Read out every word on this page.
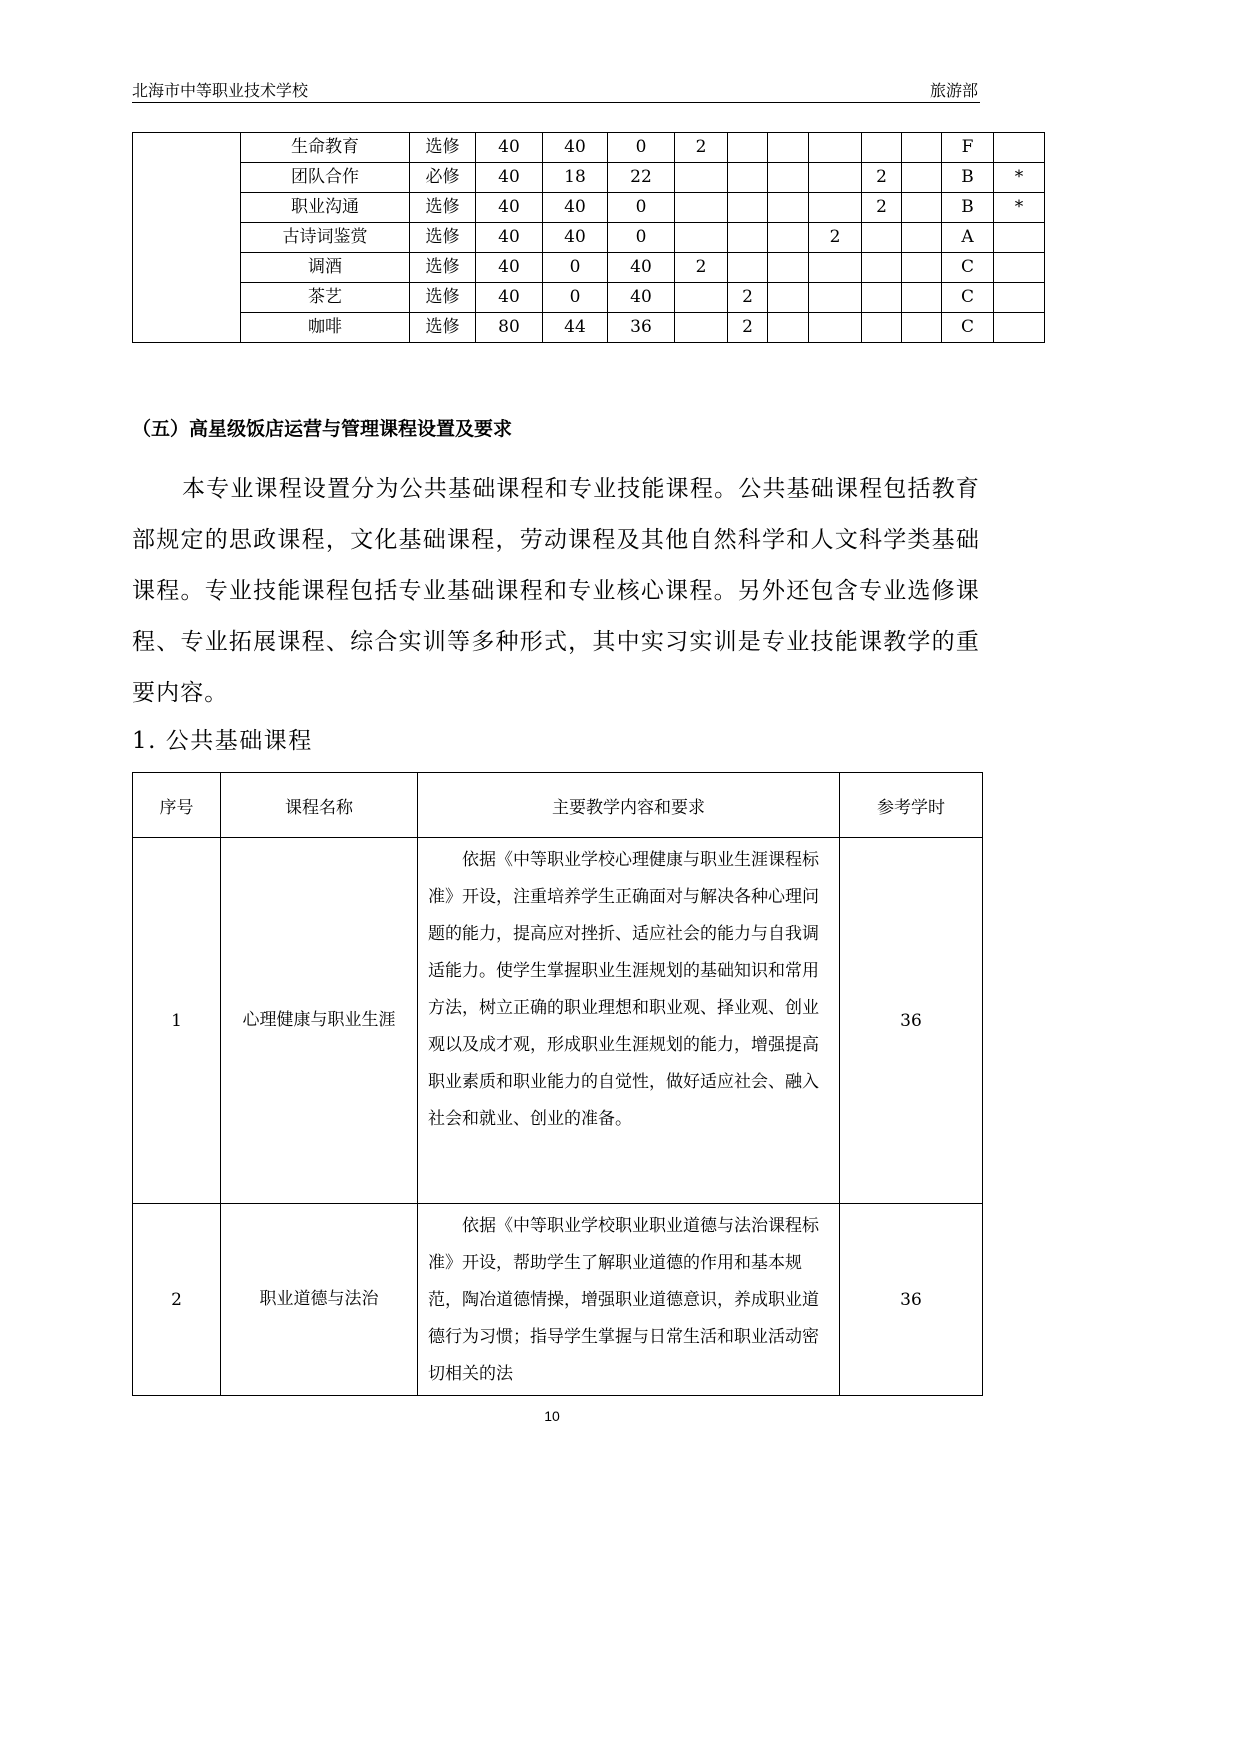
北海市中等职业技术学校	旅游部
	生命教育	选修	40	40	0	2						F	
	团队合作	必修	40	18	22					2		B	*
	职业沟通	选修	40	40	0					2		B	*
	古诗词鉴赏	选修	40	40	0				2			A	
	调酒	选修	40	0	40	2						C	
	茶艺	选修	40	0	40		2					C	
	咖啡	选修	80	44	36		2					C	
（五）高星级饭店运营与管理课程设置及要求

本专业课程设置分为公共基础课程和专业技能课程。公共基础课程包括教育部规定的思政课程，文化基础课程，劳动课程及其他自然科学和人文科学类基础课程。专业技能课程包括专业基础课程和专业核心课程。另外还包含专业选修课程、专业拓展课程、综合实训等多种形式，其中实习实训是专业技能课教学的重要内容。

1. 公共基础课程
序号	课程名称	主要教学内容和要求	参考学时
1	心理健康与职业生涯	依据《中等职业学校心理健康与职业生涯课程标准》开设，注重培养学生正确面对与解决各种心理问题的能力，提高应对挫折、适应社会的能力与自我调适能力。使学生掌握职业生涯规划的基础知识和常用方法，树立正确的职业理想和职业观、择业观、创业观以及成才观，形成职业生涯规划的能力，增强提高职业素质和职业能力的自觉性，做好适应社会、融入社会和就业、创业的准备。	36
2	职业道德与法治	依据《中等职业学校职业职业道德与法治课程标准》开设，帮助学生了解职业道德的作用和基本规范，陶冶道德情操，增强职业道德意识，养成职业道德行为习惯；指导学生掌握与日常生活和职业活动密切相关的法	36
10
